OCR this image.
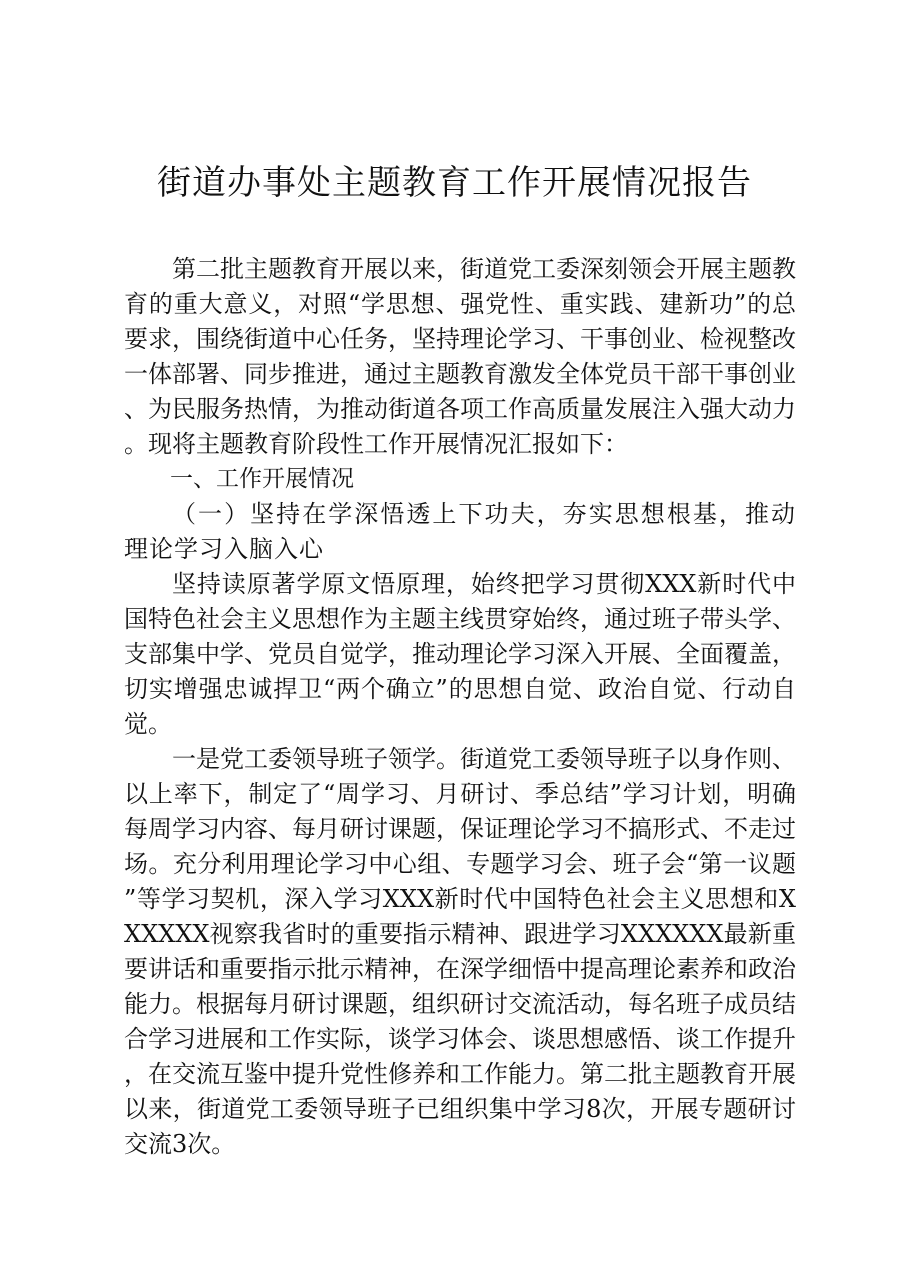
街道办事处主题教育工作开展情况报告

第二批主题教育开展以来，街道党工委深刻领会开展主题教育的重大意义，对照“学思想、强党性、重实践、建新功”的总要求，围绕街道中心任务，坚持理论学习、干事创业、检视整改一体部署、同步推进，通过主题教育激发全体党员干部干事创业、为民服务热情，为推动街道各项工作高质量发展注入强大动力。现将主题教育阶段性工作开展情况汇报如下：

一、工作开展情况

（一）坚持在学深悟透上下功夫，夯实思想根基，推动理论学习入脑入心

坚持读原著学原文悟原理，始终把学习贯彻XXX新时代中国特色社会主义思想作为主题主线贯穿始终，通过班子带头学、支部集中学、党员自觉学，推动理论学习深入开展、全面覆盖，切实增强忠诚捍卫“两个确立”的思想自觉、政治自觉、行动自觉。

一是党工委领导班子领学。街道党工委领导班子以身作则、以上率下，制定了“周学习、月研讨、季总结”学习计划，明确每周学习内容、每月研讨课题，保证理论学习不搞形式、不走过场。充分利用理论学习中心组、专题学习会、班子会“第一议题”等学习契机，深入学习XXX新时代中国特色社会主义思想和XXXXXX视察我省时的重要指示精神、跟进学习XXXXXX最新重要讲话和重要指示批示精神，在深学细悟中提高理论素养和政治能力。根据每月研讨课题，组织研讨交流活动，每名班子成员结合学习进展和工作实际，谈学习体会、谈思想感悟、谈工作提升，在交流互鉴中提升党性修养和工作能力。第二批主题教育开展以来，街道党工委领导班子已组织集中学习8次，开展专题研讨交流3次。
